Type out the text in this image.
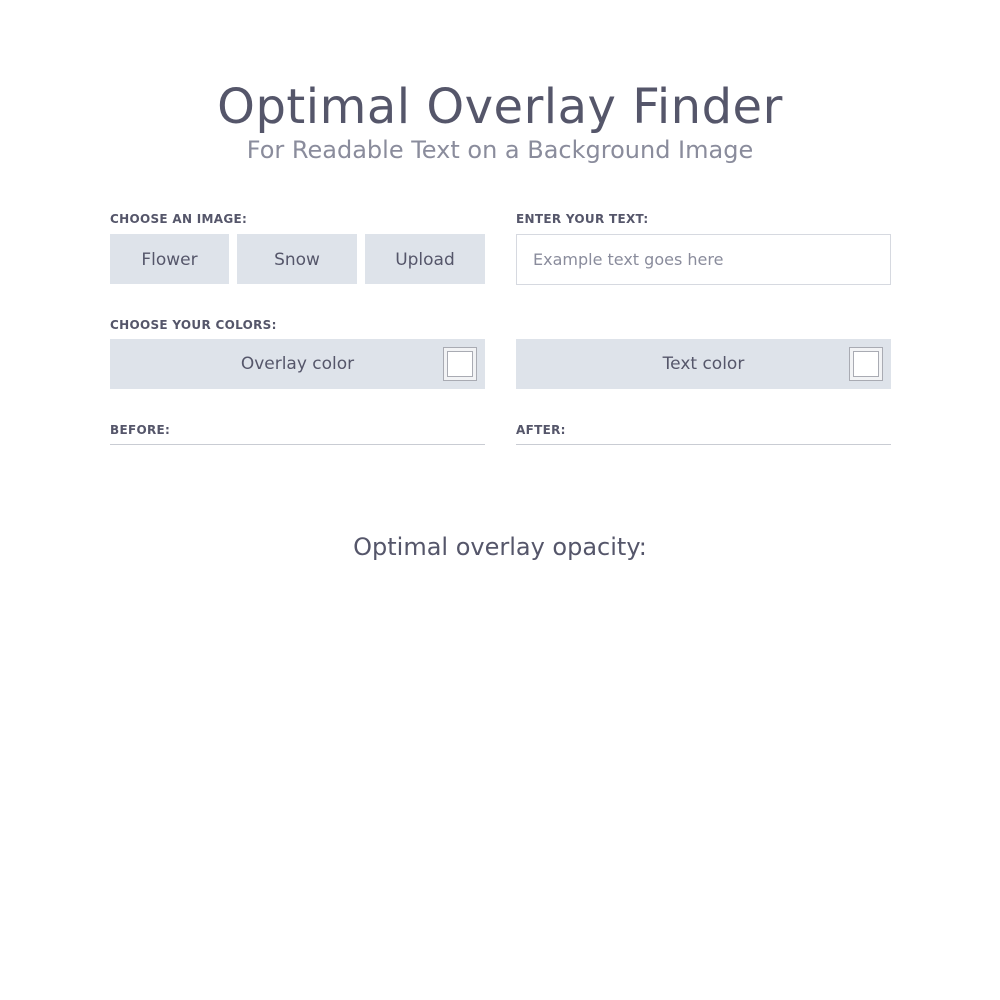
Optimal Overlay Finder
For Readable Text on a Background Image
CHOOSE AN IMAGE:
Flower	Snow	Upload
ENTER YOUR TEXT:
Example text goes here
CHOOSE YOUR COLORS:
Overlay color	Text color
BEFORE:	AFTER:
Optimal overlay opacity:
